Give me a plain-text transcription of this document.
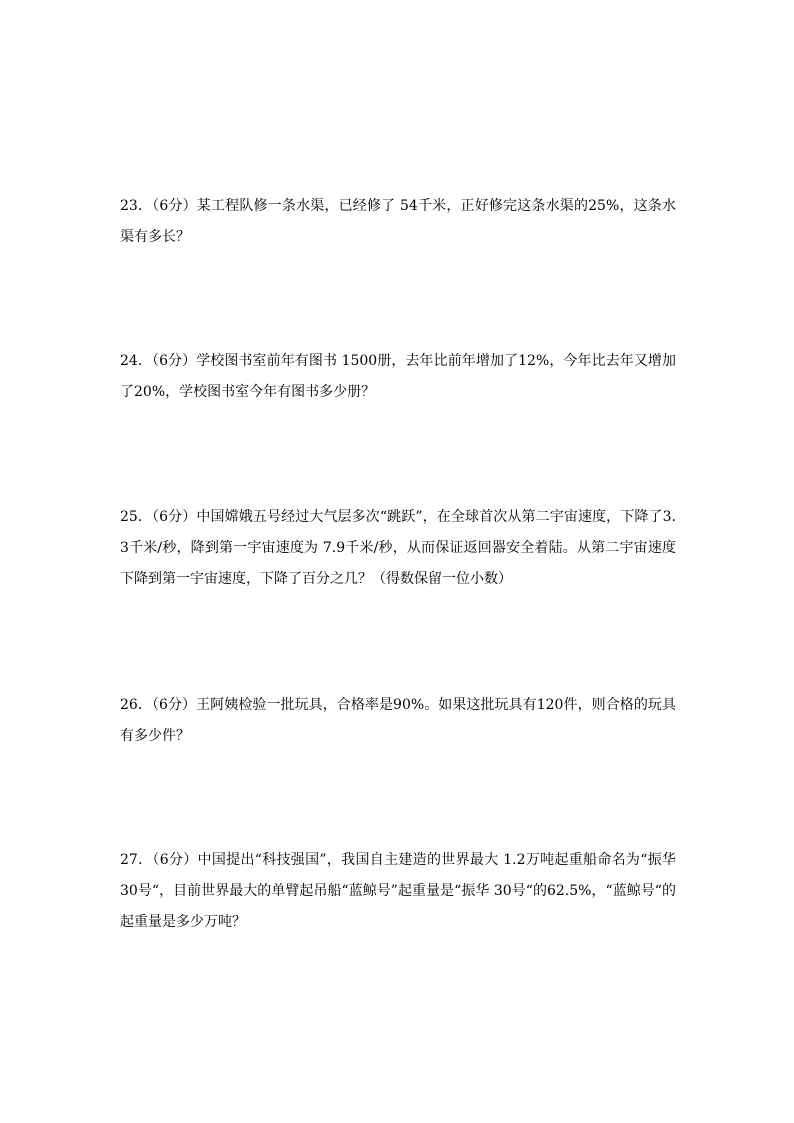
23．（6分）某工程队修一条水渠，已经修了 54千米，正好修完这条水渠的25%，这条水渠有多长？
24．（6分）学校图书室前年有图书 1500册，去年比前年增加了12%，今年比去年又增加了20%，学校图书室今年有图书多少册？
25．（6分）中国嫦娥五号经过大气层多次“跳跃”，在全球首次从第二宇宙速度，下降了3.3千米/秒，降到第一宇宙速度为 7.9千米/秒，从而保证返回器安全着陆。从第二宇宙速度下降到第一宇宙速度，下降了百分之几？（得数保留一位小数）
26．（6分）王阿姨检验一批玩具，合格率是90%。如果这批玩具有120件，则合格的玩具有多少件？
27．（6分）中国提出“科技强国”，我国自主建造的世界最大 1.2万吨起重船命名为“振华 30号“，目前世界最大的单臂起吊船“蓝鲸号”起重量是“振华 30号“的62.5%，“蓝鲸号“的起重量是多少万吨？
